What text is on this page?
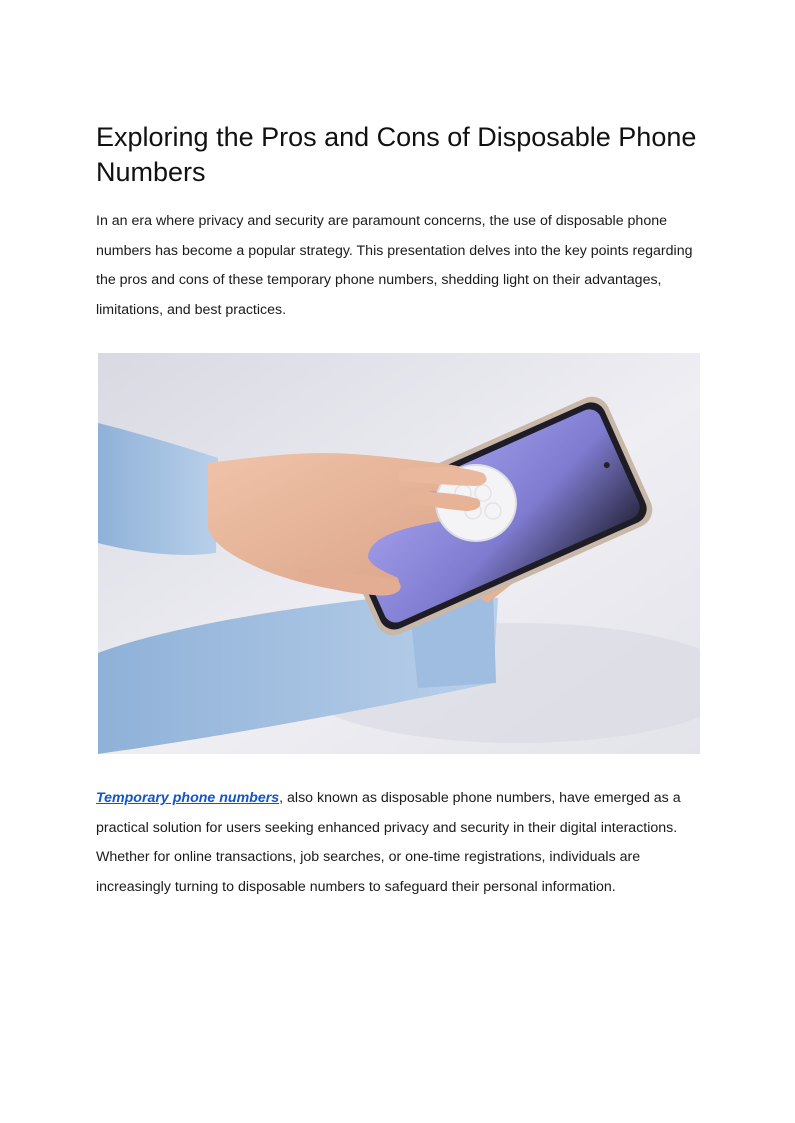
Exploring the Pros and Cons of Disposable Phone Numbers

In an era where privacy and security are paramount concerns, the use of disposable phone numbers has become a popular strategy. This presentation delves into the key points regarding the pros and cons of these temporary phone numbers, shedding light on their advantages, limitations, and best practices.

Temporary phone numbers, also known as disposable phone numbers, have emerged as a practical solution for users seeking enhanced privacy and security in their digital interactions. Whether for online transactions, job searches, or one-time registrations, individuals are increasingly turning to disposable numbers to safeguard their personal information.
